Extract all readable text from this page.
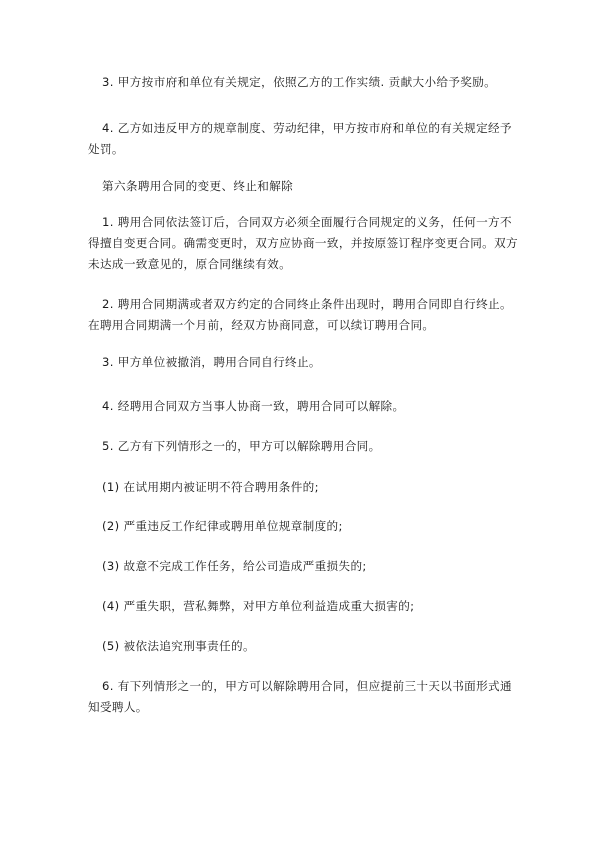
3. 甲方按市府和单位有关规定，依照乙方的工作实绩. 贡献大小给予奖励。

4. 乙方如违反甲方的规章制度、劳动纪律，甲方按市府和单位的有关规定经予处罚。

第六条聘用合同的变更、终止和解除

1. 聘用合同依法签订后，合同双方必须全面履行合同规定的义务，任何一方不得擅自变更合同。确需变更时，双方应协商一致，并按原签订程序变更合同。双方未达成一致意见的，原合同继续有效。

2. 聘用合同期满或者双方约定的合同终止条件出现时，聘用合同即自行终止。在聘用合同期满一个月前，经双方协商同意，可以续订聘用合同。

3. 甲方单位被撤消，聘用合同自行终止。

4. 经聘用合同双方当事人协商一致，聘用合同可以解除。

5. 乙方有下列情形之一的，甲方可以解除聘用合同。

(1) 在试用期内被证明不符合聘用条件的;

(2) 严重违反工作纪律或聘用单位规章制度的;

(3) 故意不完成工作任务，给公司造成严重损失的;

(4) 严重失职，营私舞弊，对甲方单位利益造成重大损害的;

(5) 被依法追究刑事责任的。

6. 有下列情形之一的，甲方可以解除聘用合同，但应提前三十天以书面形式通知受聘人。
